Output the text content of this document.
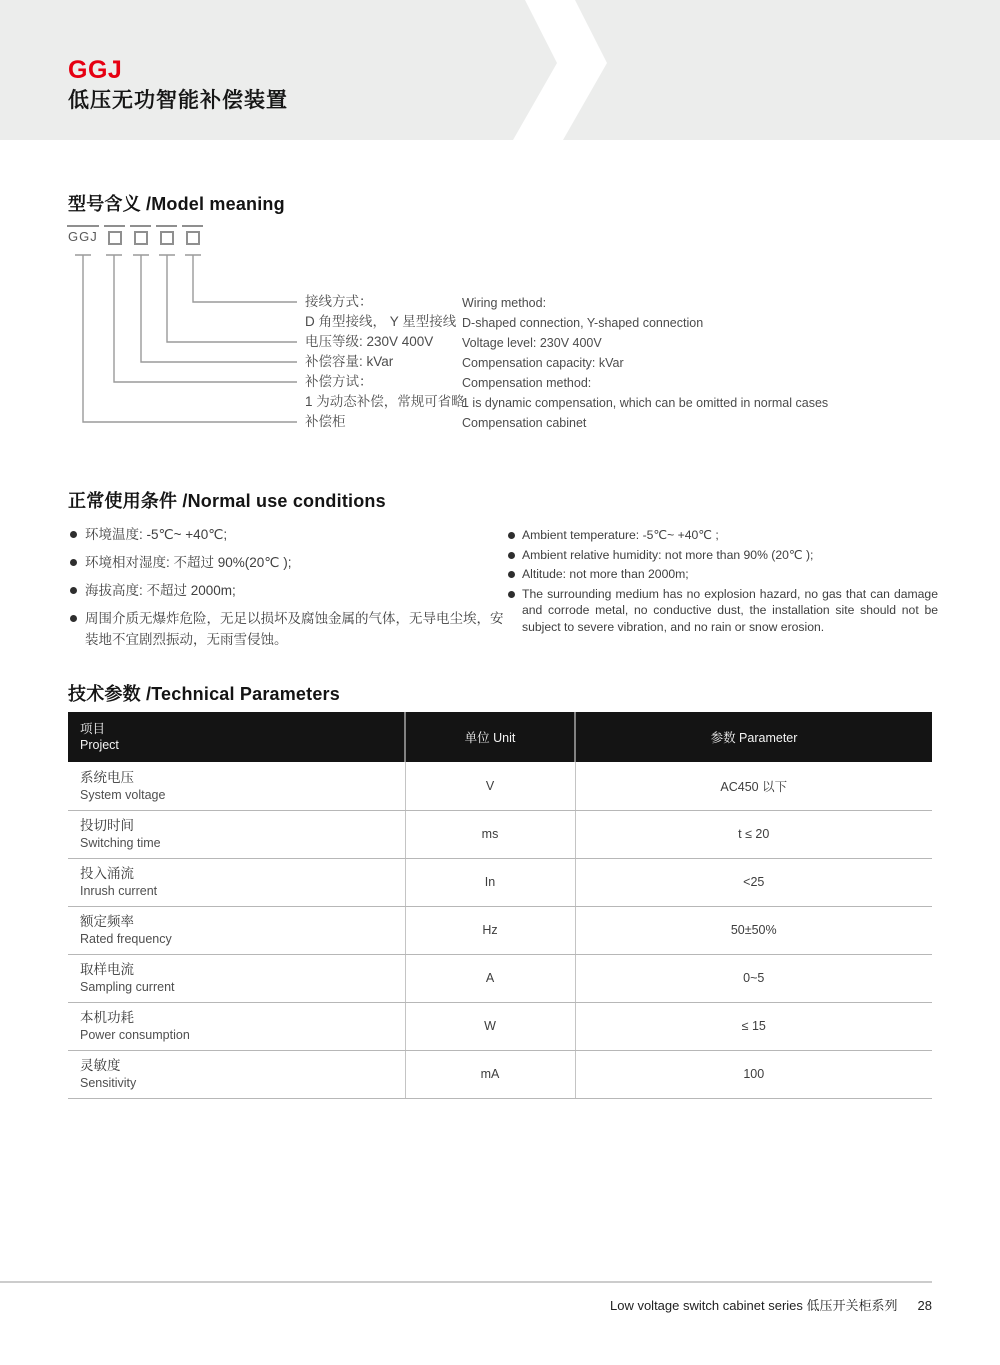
GGJ
低压无功智能补偿装置
型号含义 /Model meaning
GGJ
接线方式：
D 角型接线， Y 星型接线
电压等级: 230V 400V
补偿容量: kVar
补偿方试：
1 为动态补偿，常规可省略
补偿柜
Wiring method:
D-shaped connection, Y-shaped connection
Voltage level: 230V 400V
Compensation capacity: kVar
Compensation method:
1 is dynamic compensation, which can be omitted in normal cases
Compensation cabinet
正常使用条件 /Normal use conditions
环境温度: -5℃~ +40℃;
环境相对湿度: 不超过 90%(20℃ );
海拔高度: 不超过 2000m;
周围介质无爆炸危险，无足以损坏及腐蚀金属的气体，无导电尘埃，安装地不宜剧烈振动，无雨雪侵蚀。
Ambient temperature: -5℃~ +40℃ ;
Ambient relative humidity: not more than 90% (20℃ );
Altitude: not more than 2000m;
The surrounding medium has no explosion hazard, no gas that can damage and corrode metal, no conductive dust, the installation site should not be subject to severe vibration, and no rain or snow erosion.
技术参数 /Technical Parameters
项目
Project	单位 Unit	参数 Parameter

系统电压
System voltage	V	AC450 以下

投切时间
Switching time	ms	t ≤ 20

投入涌流
Inrush current	In	<25

额定频率
Rated frequency	Hz	50±50%

取样电流
Sampling current	A	0~5

本机功耗
Power consumption	W	≤ 15

灵敏度
Sensitivity	mA	100
Low voltage switch cabinet series 低压开关柜系列 28
